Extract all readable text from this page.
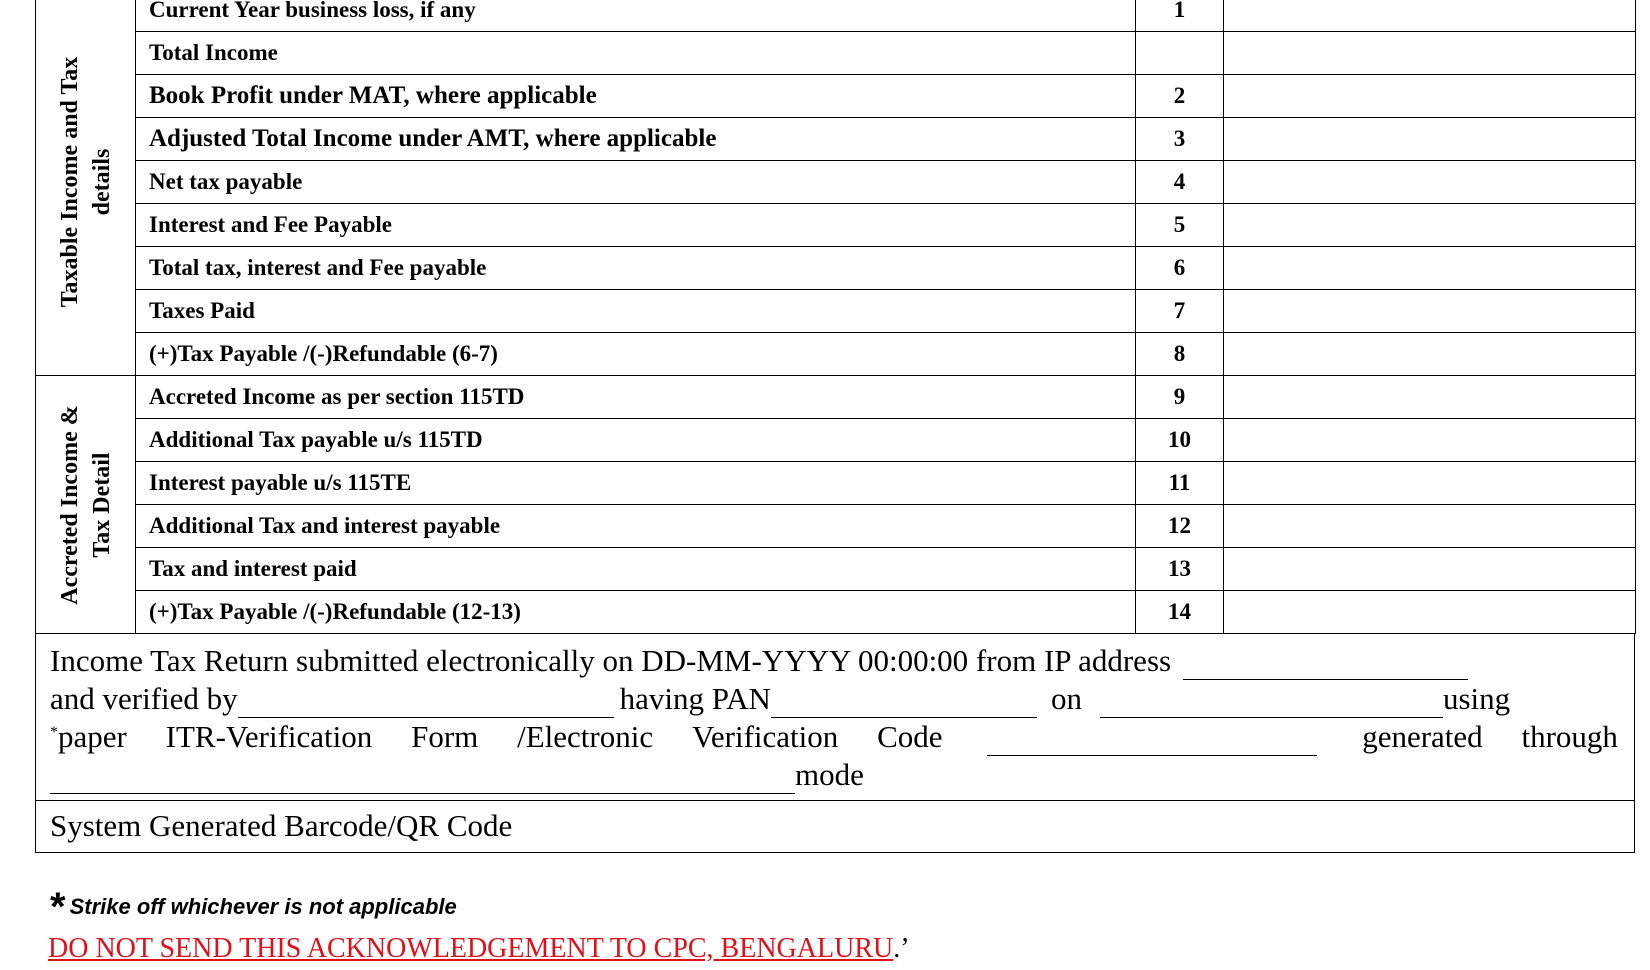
Taxable Income and Tax details	Current Year business loss, if any	1	
	Total Income		
	Book Profit under MAT, where applicable	2	
	Adjusted Total Income under AMT, where applicable	3	
	Net tax payable	4	
	Interest and Fee Payable	5	
	Total tax, interest and Fee payable	6	
	Taxes Paid	7	
	(+)Tax Payable /(-)Refundable (6-7)	8	

Accreted Income & Tax Detail	Accreted Income as per section 115TD	9	
	Additional Tax payable u/s 115TD	10	
	Interest payable u/s 115TE	11	
	Additional Tax and interest payable	12	
	Tax and interest paid	13	
	(+)Tax Payable /(-)Refundable (12-13)	14	
Income Tax Return submitted electronically on DD-MM-YYYY 00:00:00 from IP address
and verified by	having PAN	on	using
*paper ITR-Verification Form /Electronic Verification Code	generated through
mode
System Generated Barcode/QR Code
* Strike off whichever is not applicable
DO NOT SEND THIS ACKNOWLEDGEMENT TO CPC, BENGALURU.’
